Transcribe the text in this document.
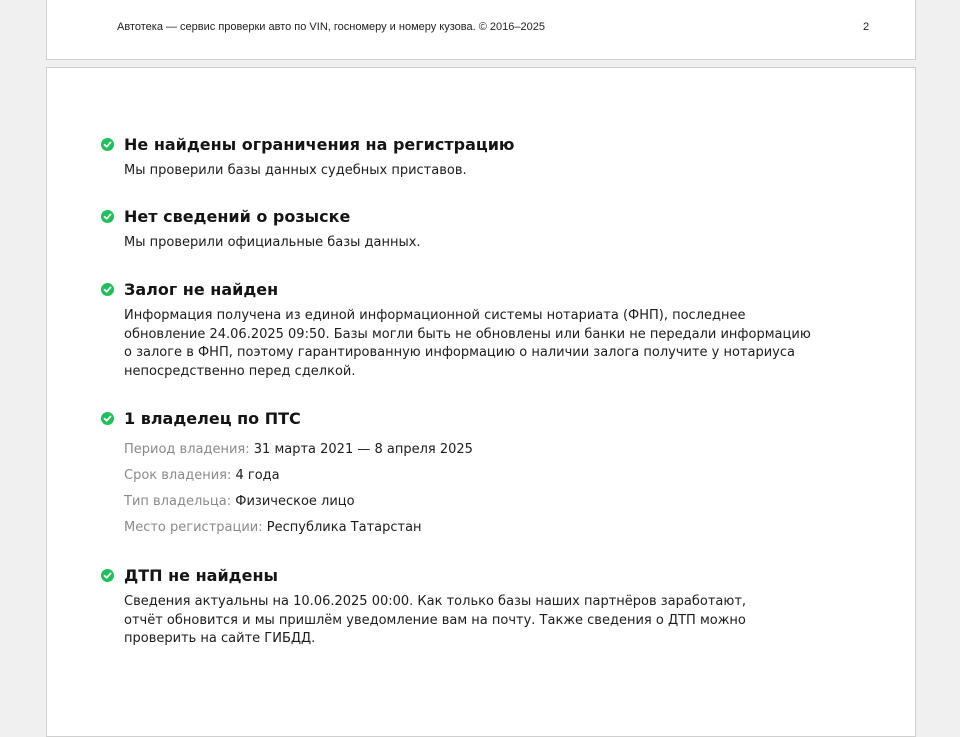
Автотека — сервис проверки авто по VIN, госномеру и номеру кузова. © 2016–2025	2
Не найдены ограничения на регистрацию
Мы проверили базы данных судебных приставов.
Нет сведений о розыске
Мы проверили официальные базы данных.
Залог не найден
Информация получена из единой информационной системы нотариата (ФНП), последнее обновление 24.06.2025 09:50. Базы могли быть не обновлены или банки не передали информацию о залоге в ФНП, поэтому гарантированную информацию о наличии залога получите у нотариуса непосредственно перед сделкой.
1 владелец по ПТС
Период владения: 31 марта 2021 — 8 апреля 2025
Срок владения: 4 года
Тип владельца: Физическое лицо
Место регистрации: Республика Татарстан
ДТП не найдены
Сведения актуальны на 10.06.2025 00:00. Как только базы наших партнёров заработают, отчёт обновится и мы пришлём уведомление вам на почту. Также сведения о ДТП можно проверить на сайте ГИБДД.
